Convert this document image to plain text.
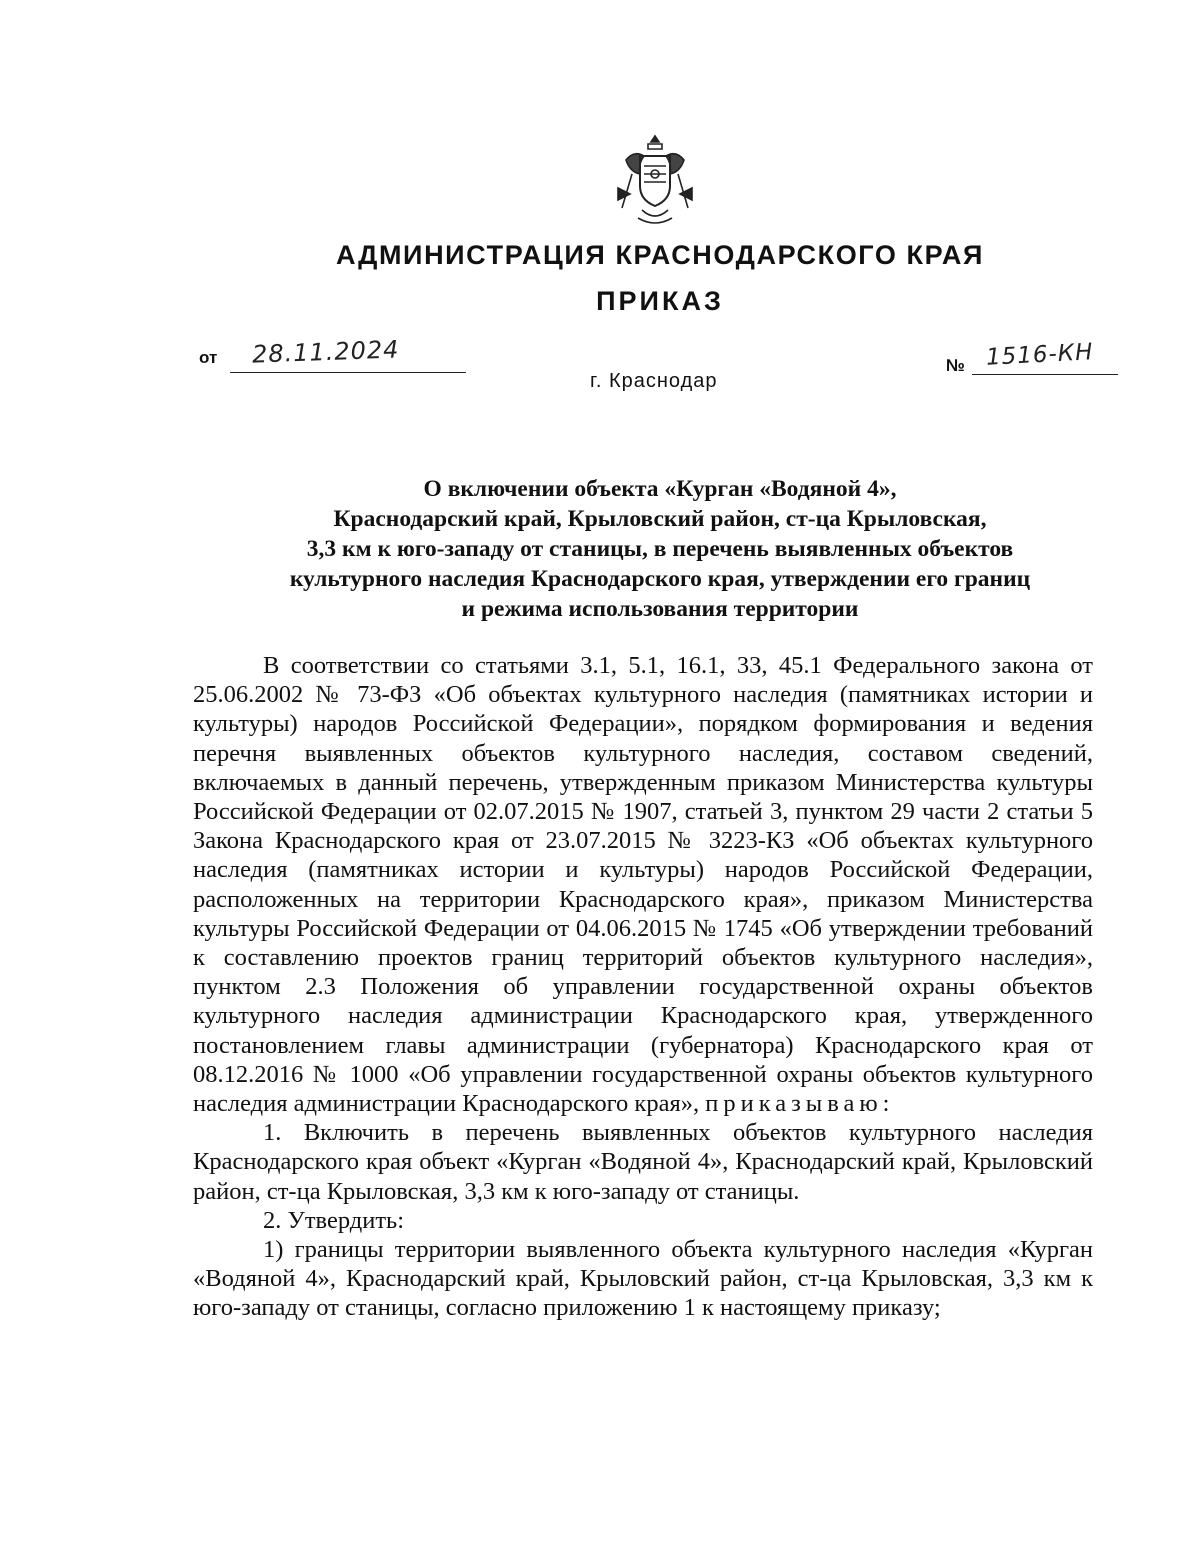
АДМИНИСТРАЦИЯ КРАСНОДАРСКОГО КРАЯ
ПРИКАЗ
от 28.11.2024	№ 1516-КН
г. Краснодар
О включении объекта «Курган «Водяной 4»,
Краснодарский край, Крыловский район, ст-ца Крыловская,
3,3 км к юго-западу от станицы, в перечень выявленных объектов
культурного наследия Краснодарского края, утверждении его границ
и режима использования территории

В соответствии со статьями 3.1, 5.1, 16.1, 33, 45.1 Федерального закона от 25.06.2002 № 73-ФЗ «Об объектах культурного наследия (памятниках истории и культуры) народов Российской Федерации», порядком формирования и ведения перечня выявленных объектов культурного наследия, составом сведений, включаемых в данный перечень, утвержденным приказом Министерства культуры Российской Федерации от 02.07.2015 № 1907, статьей 3, пунктом 29 части 2 статьи 5 Закона Краснодарского края от 23.07.2015 № 3223-КЗ «Об объектах культурного наследия (памятниках истории и культуры) народов Российской Федерации, расположенных на территории Краснодарского края», приказом Министерства культуры Российской Федерации от 04.06.2015 № 1745 «Об утверждении требований к составлению проектов границ территорий объектов культурного наследия», пунктом 2.3 Положения об управлении государственной охраны объектов культурного наследия администрации Краснодарского края, утвержденного постановлением главы администрации (губернатора) Краснодарского края от 08.12.2016 № 1000 «Об управлении государственной охраны объектов культурного наследия администрации Краснодарского края», приказываю:

1. Включить в перечень выявленных объектов культурного наследия Краснодарского края объект «Курган «Водяной 4», Краснодарский край, Крыловский район, ст-ца Крыловская, 3,3 км к юго-западу от станицы.

2. Утвердить:

1) границы территории выявленного объекта культурного наследия «Курган «Водяной 4», Краснодарский край, Крыловский район, ст-ца Крыловская, 3,3 км к юго-западу от станицы, согласно приложению 1 к настоящему приказу;
